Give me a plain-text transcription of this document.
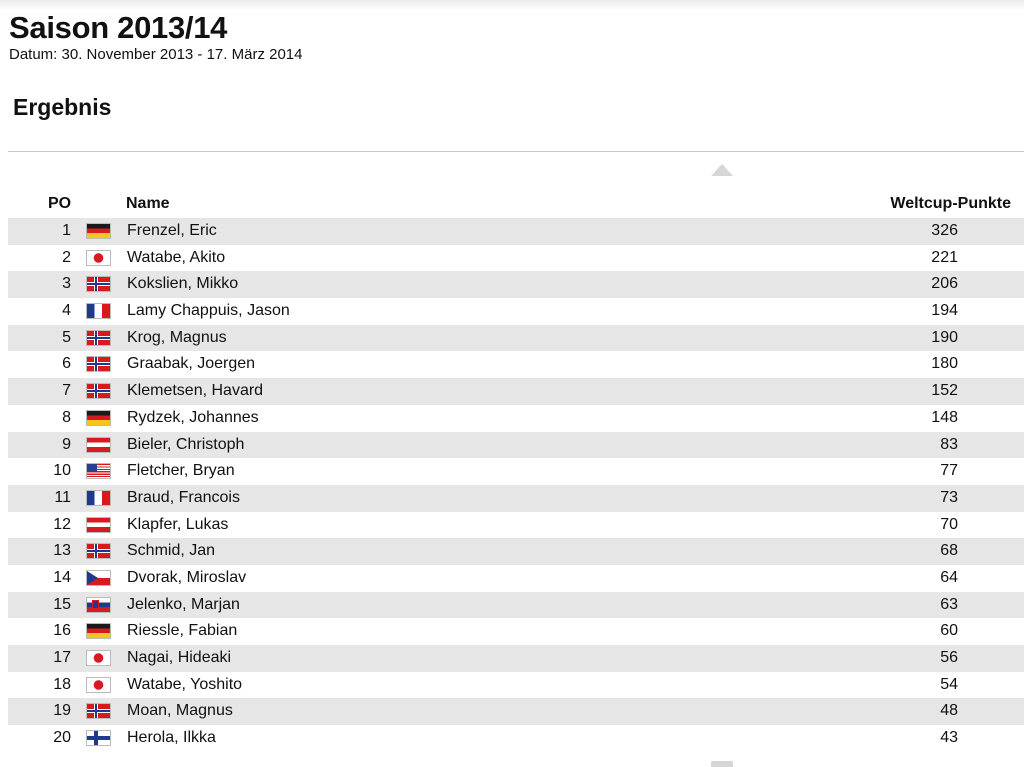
Saison 2013/14
Datum: 30. November 2013 - 17. März 2014
Ergebnis
PO	Name	Weltcup-Punkte
1	Frenzel, Eric	326
2	Watabe, Akito	221
3	Kokslien, Mikko	206
4	Lamy Chappuis, Jason	194
5	Krog, Magnus	190
6	Graabak, Joergen	180
7	Klemetsen, Havard	152
8	Rydzek, Johannes	148
9	Bieler, Christoph	83
10	Fletcher, Bryan	77
11	Braud, Francois	73
12	Klapfer, Lukas	70
13	Schmid, Jan	68
14	Dvorak, Miroslav	64
15	Jelenko, Marjan	63
16	Riessle, Fabian	60
17	Nagai, Hideaki	56
18	Watabe, Yoshito	54
19	Moan, Magnus	48
20	Herola, Ilkka	43
